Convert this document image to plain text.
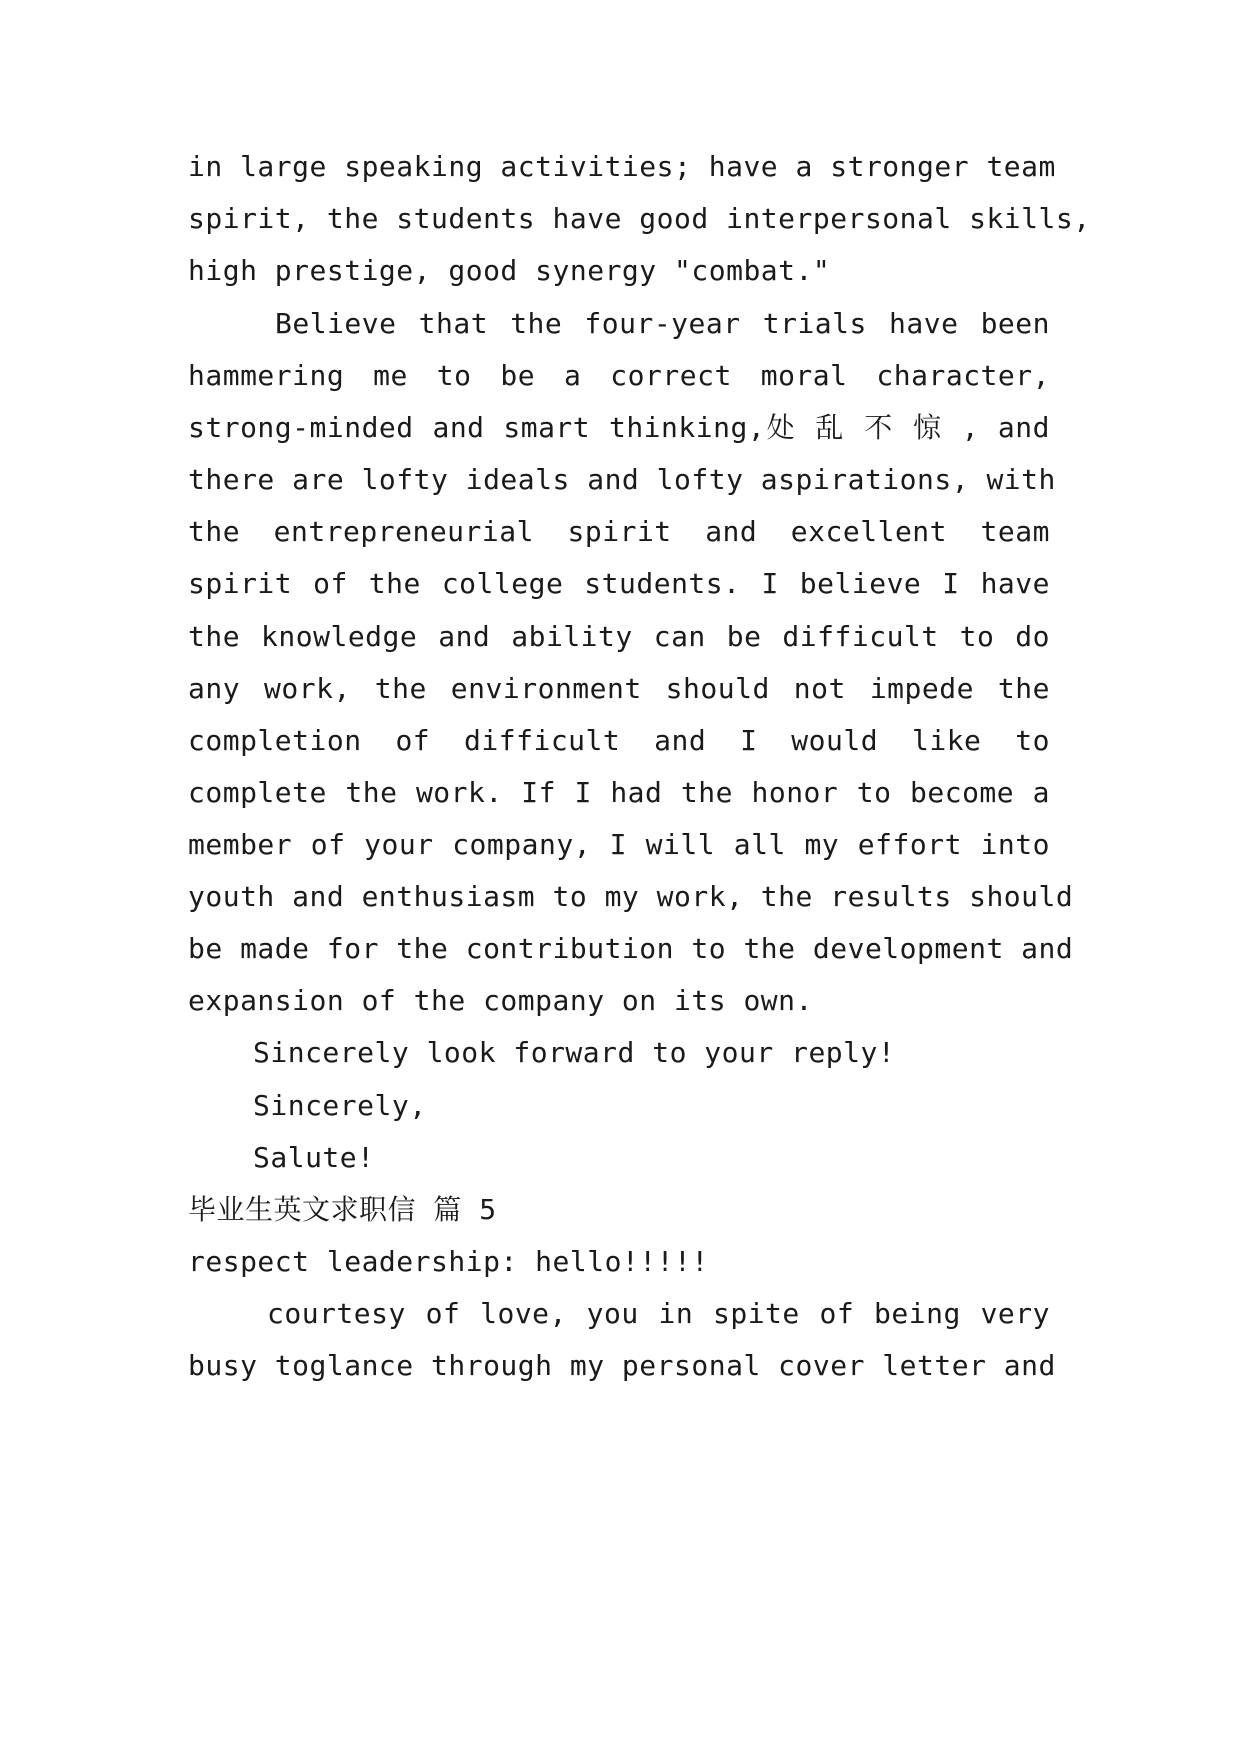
in large speaking activities; have a stronger team
spirit, the students have good interpersonal skills,
high prestige, good synergy "combat."
Believe that the four-year trials have been
hammering me to be a correct moral character,
strong-minded and smart thinking,处 乱 不 惊 , and
there are lofty ideals and lofty aspirations, with
the entrepreneurial spirit and excellent team
spirit of the college students. I believe I have
the knowledge and ability can be difficult to do
any work, the environment should not impede the
completion of difficult and I would like to
complete the work. If I had the honor to become a
member of your company, I will all my effort into
youth and enthusiasm to my work, the results should
be made for the contribution to the development and
expansion of the company on its own.
Sincerely look forward to your reply!
Sincerely,
Salute!
毕业生英文求职信 篇 5
respect leadership: hello!!!!!
courtesy of love, you in spite of being very
busy toglance through my personal cover letter and
